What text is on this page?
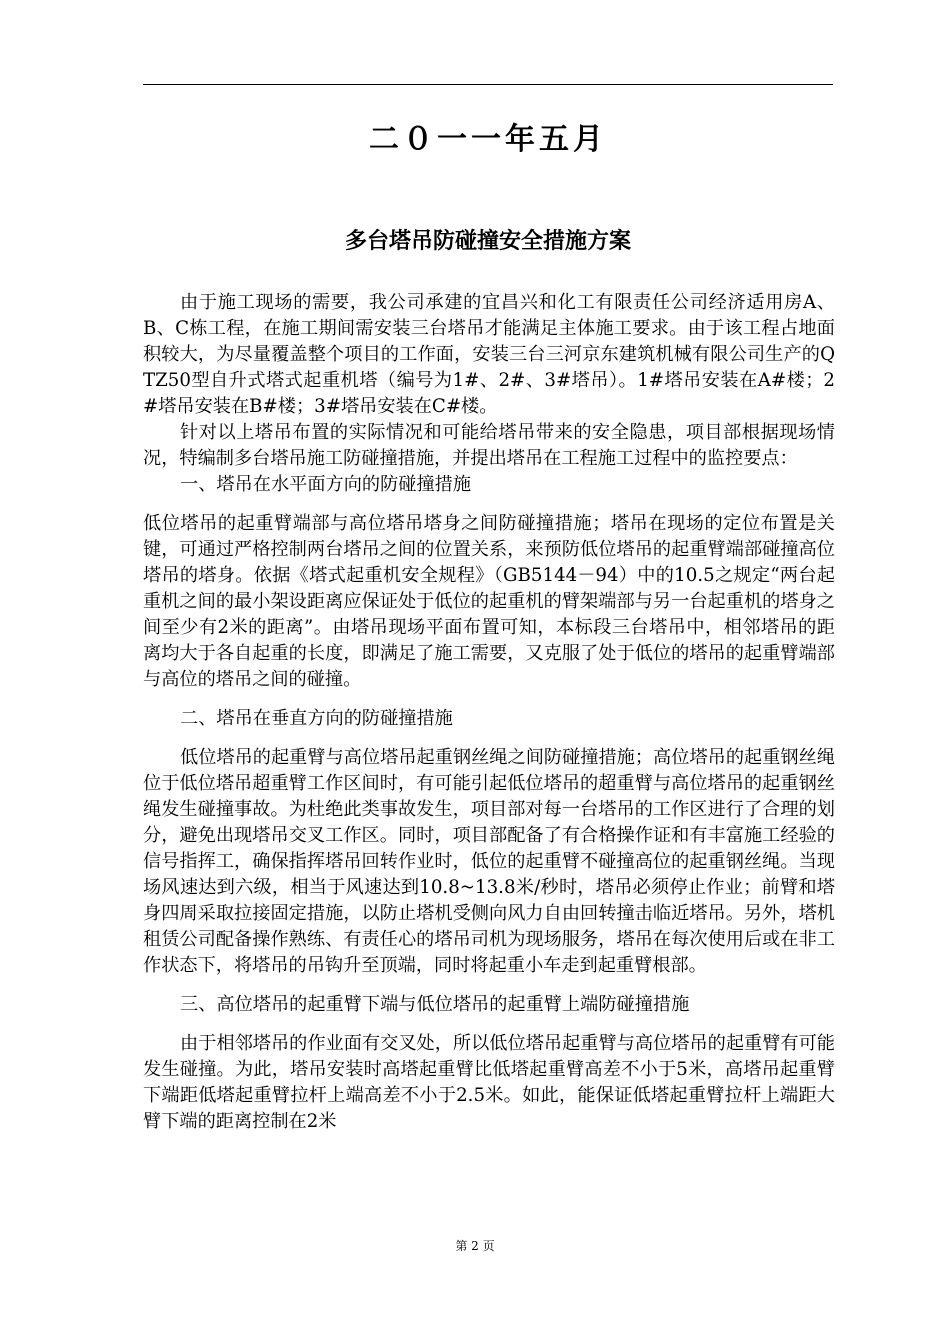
二０一一年五月
多台塔吊防碰撞安全措施方案

由于施工现场的需要，我公司承建的宜昌兴和化工有限责任公司经济适用房A、B、C栋工程，在施工期间需安装三台塔吊才能满足主体施工要求。由于该工程占地面积较大，为尽量覆盖整个项目的工作面，安装三台三河京东建筑机械有限公司生产的QTZ50型自升式塔式起重机塔（编号为1#、2#、3#塔吊）。1#塔吊安装在A#楼；2#塔吊安装在B#楼；3#塔吊安装在C#楼。

针对以上塔吊布置的实际情况和可能给塔吊带来的安全隐患，项目部根据现场情况，特编制多台塔吊施工防碰撞措施，并提出塔吊在工程施工过程中的监控要点：

一、塔吊在水平面方向的防碰撞措施

低位塔吊的起重臂端部与高位塔吊塔身之间防碰撞措施；塔吊在现场的定位布置是关键，可通过严格控制两台塔吊之间的位置关系，来预防低位塔吊的起重臂端部碰撞高位塔吊的塔身。依据《塔式起重机安全规程》（GB5144－94）中的10.5之规定“两台起重机之间的最小架设距离应保证处于低位的起重机的臂架端部与另一台起重机的塔身之间至少有2米的距离”。由塔吊现场平面布置可知，本标段三台塔吊中，相邻塔吊的距离均大于各自起重的长度，即满足了施工需要，又克服了处于低位的塔吊的起重臂端部与高位的塔吊之间的碰撞。

二、塔吊在垂直方向的防碰撞措施

低位塔吊的起重臂与高位塔吊起重钢丝绳之间防碰撞措施；高位塔吊的起重钢丝绳位于低位塔吊超重臂工作区间时，有可能引起低位塔吊的超重臂与高位塔吊的起重钢丝绳发生碰撞事故。为杜绝此类事故发生，项目部对每一台塔吊的工作区进行了合理的划分，避免出现塔吊交叉工作区。同时，项目部配备了有合格操作证和有丰富施工经验的信号指挥工，确保指挥塔吊回转作业时，低位的起重臂不碰撞高位的起重钢丝绳。当现场风速达到六级，相当于风速达到10.8~13.8米/秒时，塔吊必须停止作业；前臂和塔身四周采取拉接固定措施，以防止塔机受侧向风力自由回转撞击临近塔吊。另外，塔机租赁公司配备操作熟练、有责任心的塔吊司机为现场服务，塔吊在每次使用后或在非工作状态下，将塔吊的吊钩升至顶端，同时将起重小车走到起重臂根部。

三、高位塔吊的起重臂下端与低位塔吊的起重臂上端防碰撞措施

由于相邻塔吊的作业面有交叉处，所以低位塔吊起重臂与高位塔吊的起重臂有可能发生碰撞。为此，塔吊安装时高塔起重臂比低塔起重臂高差不小于5米，高塔吊起重臂下端距低塔起重臂拉杆上端高差不小于2.5米。如此，能保证低塔起重臂拉杆上端距大臂下端的距离控制在2米

第 2 页
